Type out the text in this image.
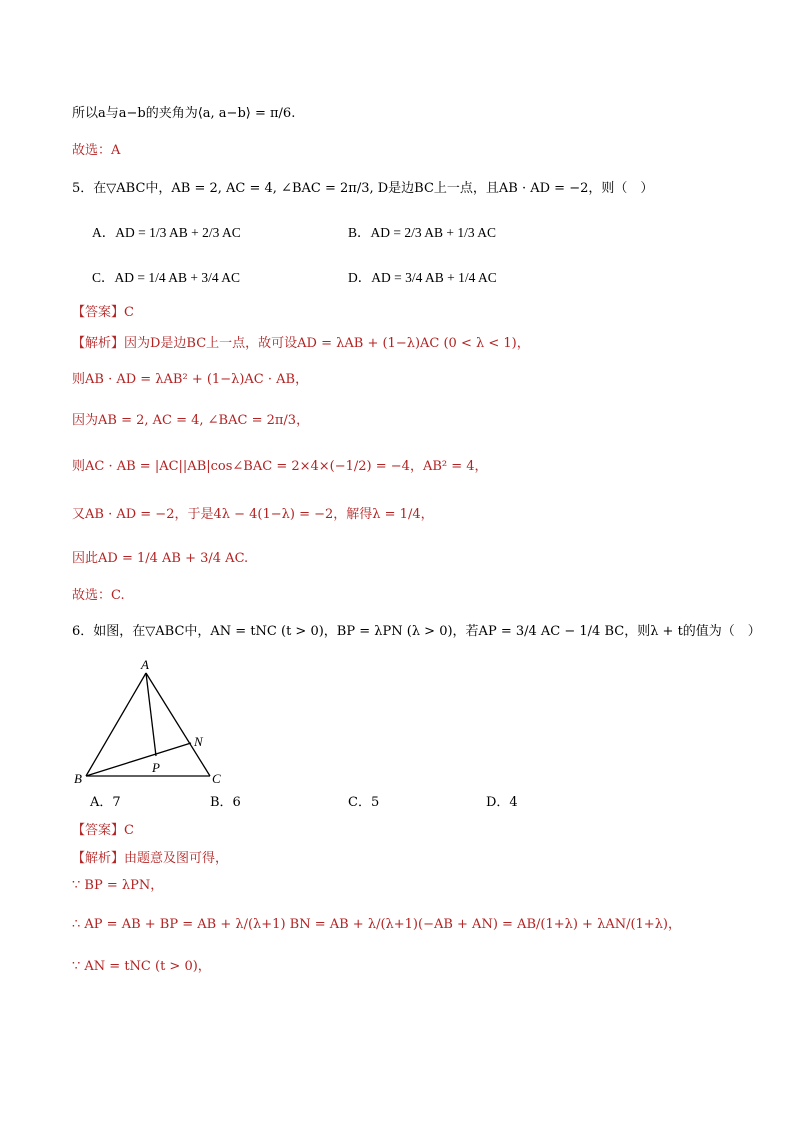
所以a与a−b的夹角为⟨a, a−b⟩ = π/6.
故选：A
5．在▽ABC中，AB = 2, AC = 4, ∠BAC = 2π/3, D是边BC上一点，且AB · AD = −2，则（　）
A．AD = 1/3 AB + 2/3 AC	B．AD = 2/3 AB + 1/3 AC
C．AD = 1/4 AB + 3/4 AC	D．AD = 3/4 AB + 1/4 AC
【答案】C
【解析】因为D是边BC上一点，故可设AD = λAB + (1−λ)AC (0 < λ < 1)，
则AB · AD = λAB² + (1−λ)AC · AB，
因为AB = 2, AC = 4, ∠BAC = 2π/3，
则AC · AB = |AC||AB|cos∠BAC = 2×4×(−1/2) = −4，AB² = 4，
又AB · AD = −2，于是4λ − 4(1−λ) = −2，解得λ = 1/4，
因此AD = 1/4 AB + 3/4 AC.
故选：C.
6．如图，在▽ABC中，AN = tNC (t > 0)，BP = λPN (λ > 0)，若AP = 3/4 AC − 1/4 BC，则λ + t的值为（　）
A
B	C
N
P
A．7	B．6	C．5	D．4
【答案】C
【解析】由题意及图可得，
∵ BP = λPN，
∴ AP = AB + BP = AB + λ/(λ+1) BN = AB + λ/(λ+1)(−AB + AN) = AB/(1+λ) + λAN/(1+λ)，
∵ AN = tNC (t > 0)，
